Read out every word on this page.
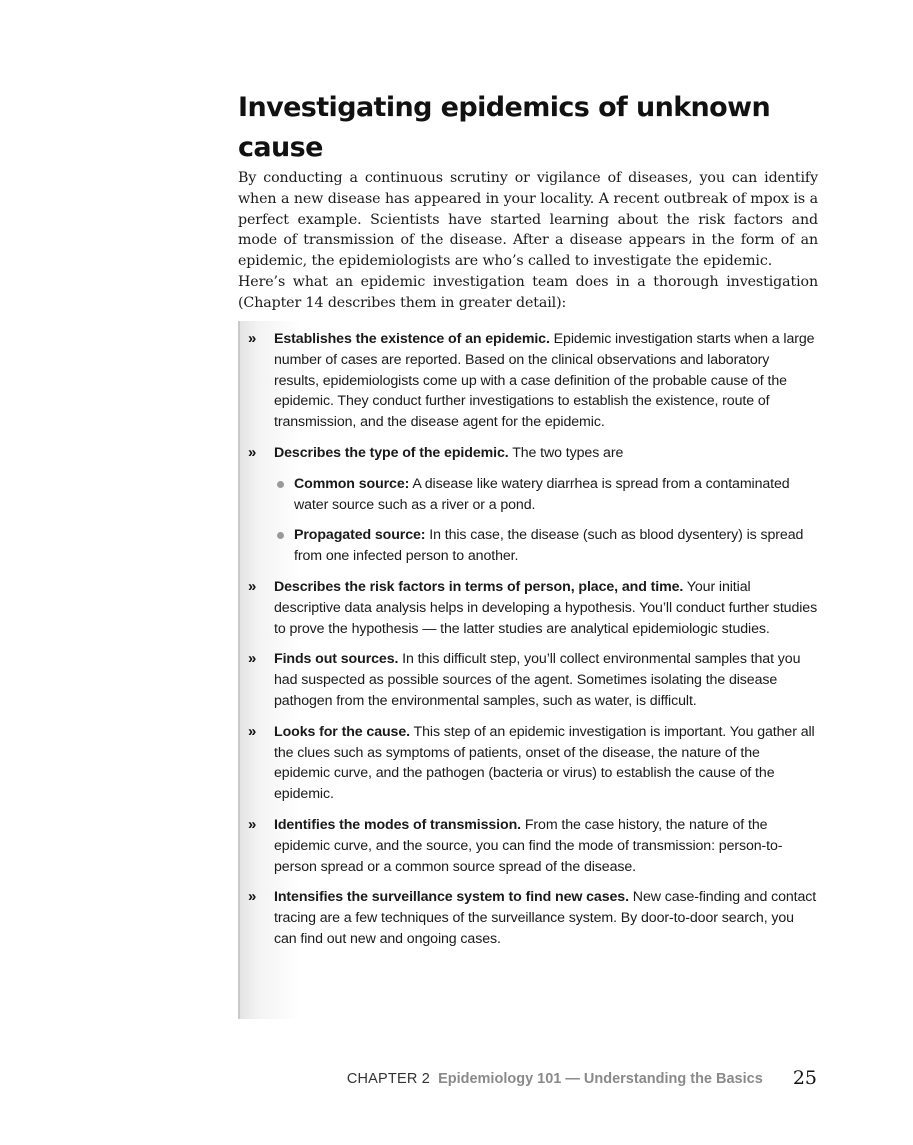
Investigating epidemics of unknown cause

By conducting a continuous scrutiny or vigilance of diseases, you can identify when a new disease has appeared in your locality. A recent outbreak of mpox is a perfect example. Scientists have started learning about the risk factors and mode of transmission of the disease. After a disease appears in the form of an epidemic, the epidemiologists are who’s called to investigate the epidemic.

Here’s what an epidemic investigation team does in a thorough investigation (Chapter 14 describes them in greater detail):

» Establishes the existence of an epidemic. Epidemic investigation starts when a large number of cases are reported. Based on the clinical observations and laboratory results, epidemiologists come up with a case definition of the probable cause of the epidemic. They conduct further investigations to establish the existence, route of transmission, and the disease agent for the epidemic.
» Describes the type of the epidemic. The two types are
Common source: A disease like watery diarrhea is spread from a contaminated water source such as a river or a pond.
Propagated source: In this case, the disease (such as blood dysentery) is spread from one infected person to another.
» Describes the risk factors in terms of person, place, and time. Your initial descriptive data analysis helps in developing a hypothesis. You’ll conduct further studies to prove the hypothesis — the latter studies are analytical epidemiologic studies.
» Finds out sources. In this difficult step, you’ll collect environmental samples that you had suspected as possible sources of the agent. Sometimes isolating the disease pathogen from the environmental samples, such as water, is difficult.
» Looks for the cause. This step of an epidemic investigation is important. You gather all the clues such as symptoms of patients, onset of the disease, the nature of the epidemic curve, and the pathogen (bacteria or virus) to establish the cause of the epidemic.
» Identifies the modes of transmission. From the case history, the nature of the epidemic curve, and the source, you can find the mode of transmission: person-to-person spread or a common source spread of the disease.
» Intensifies the surveillance system to find new cases. New case-finding and contact tracing are a few techniques of the surveillance system. By door-to-door search, you can find out new and ongoing cases.
CHAPTER 2 Epidemiology 101 — Understanding the Basics 25
